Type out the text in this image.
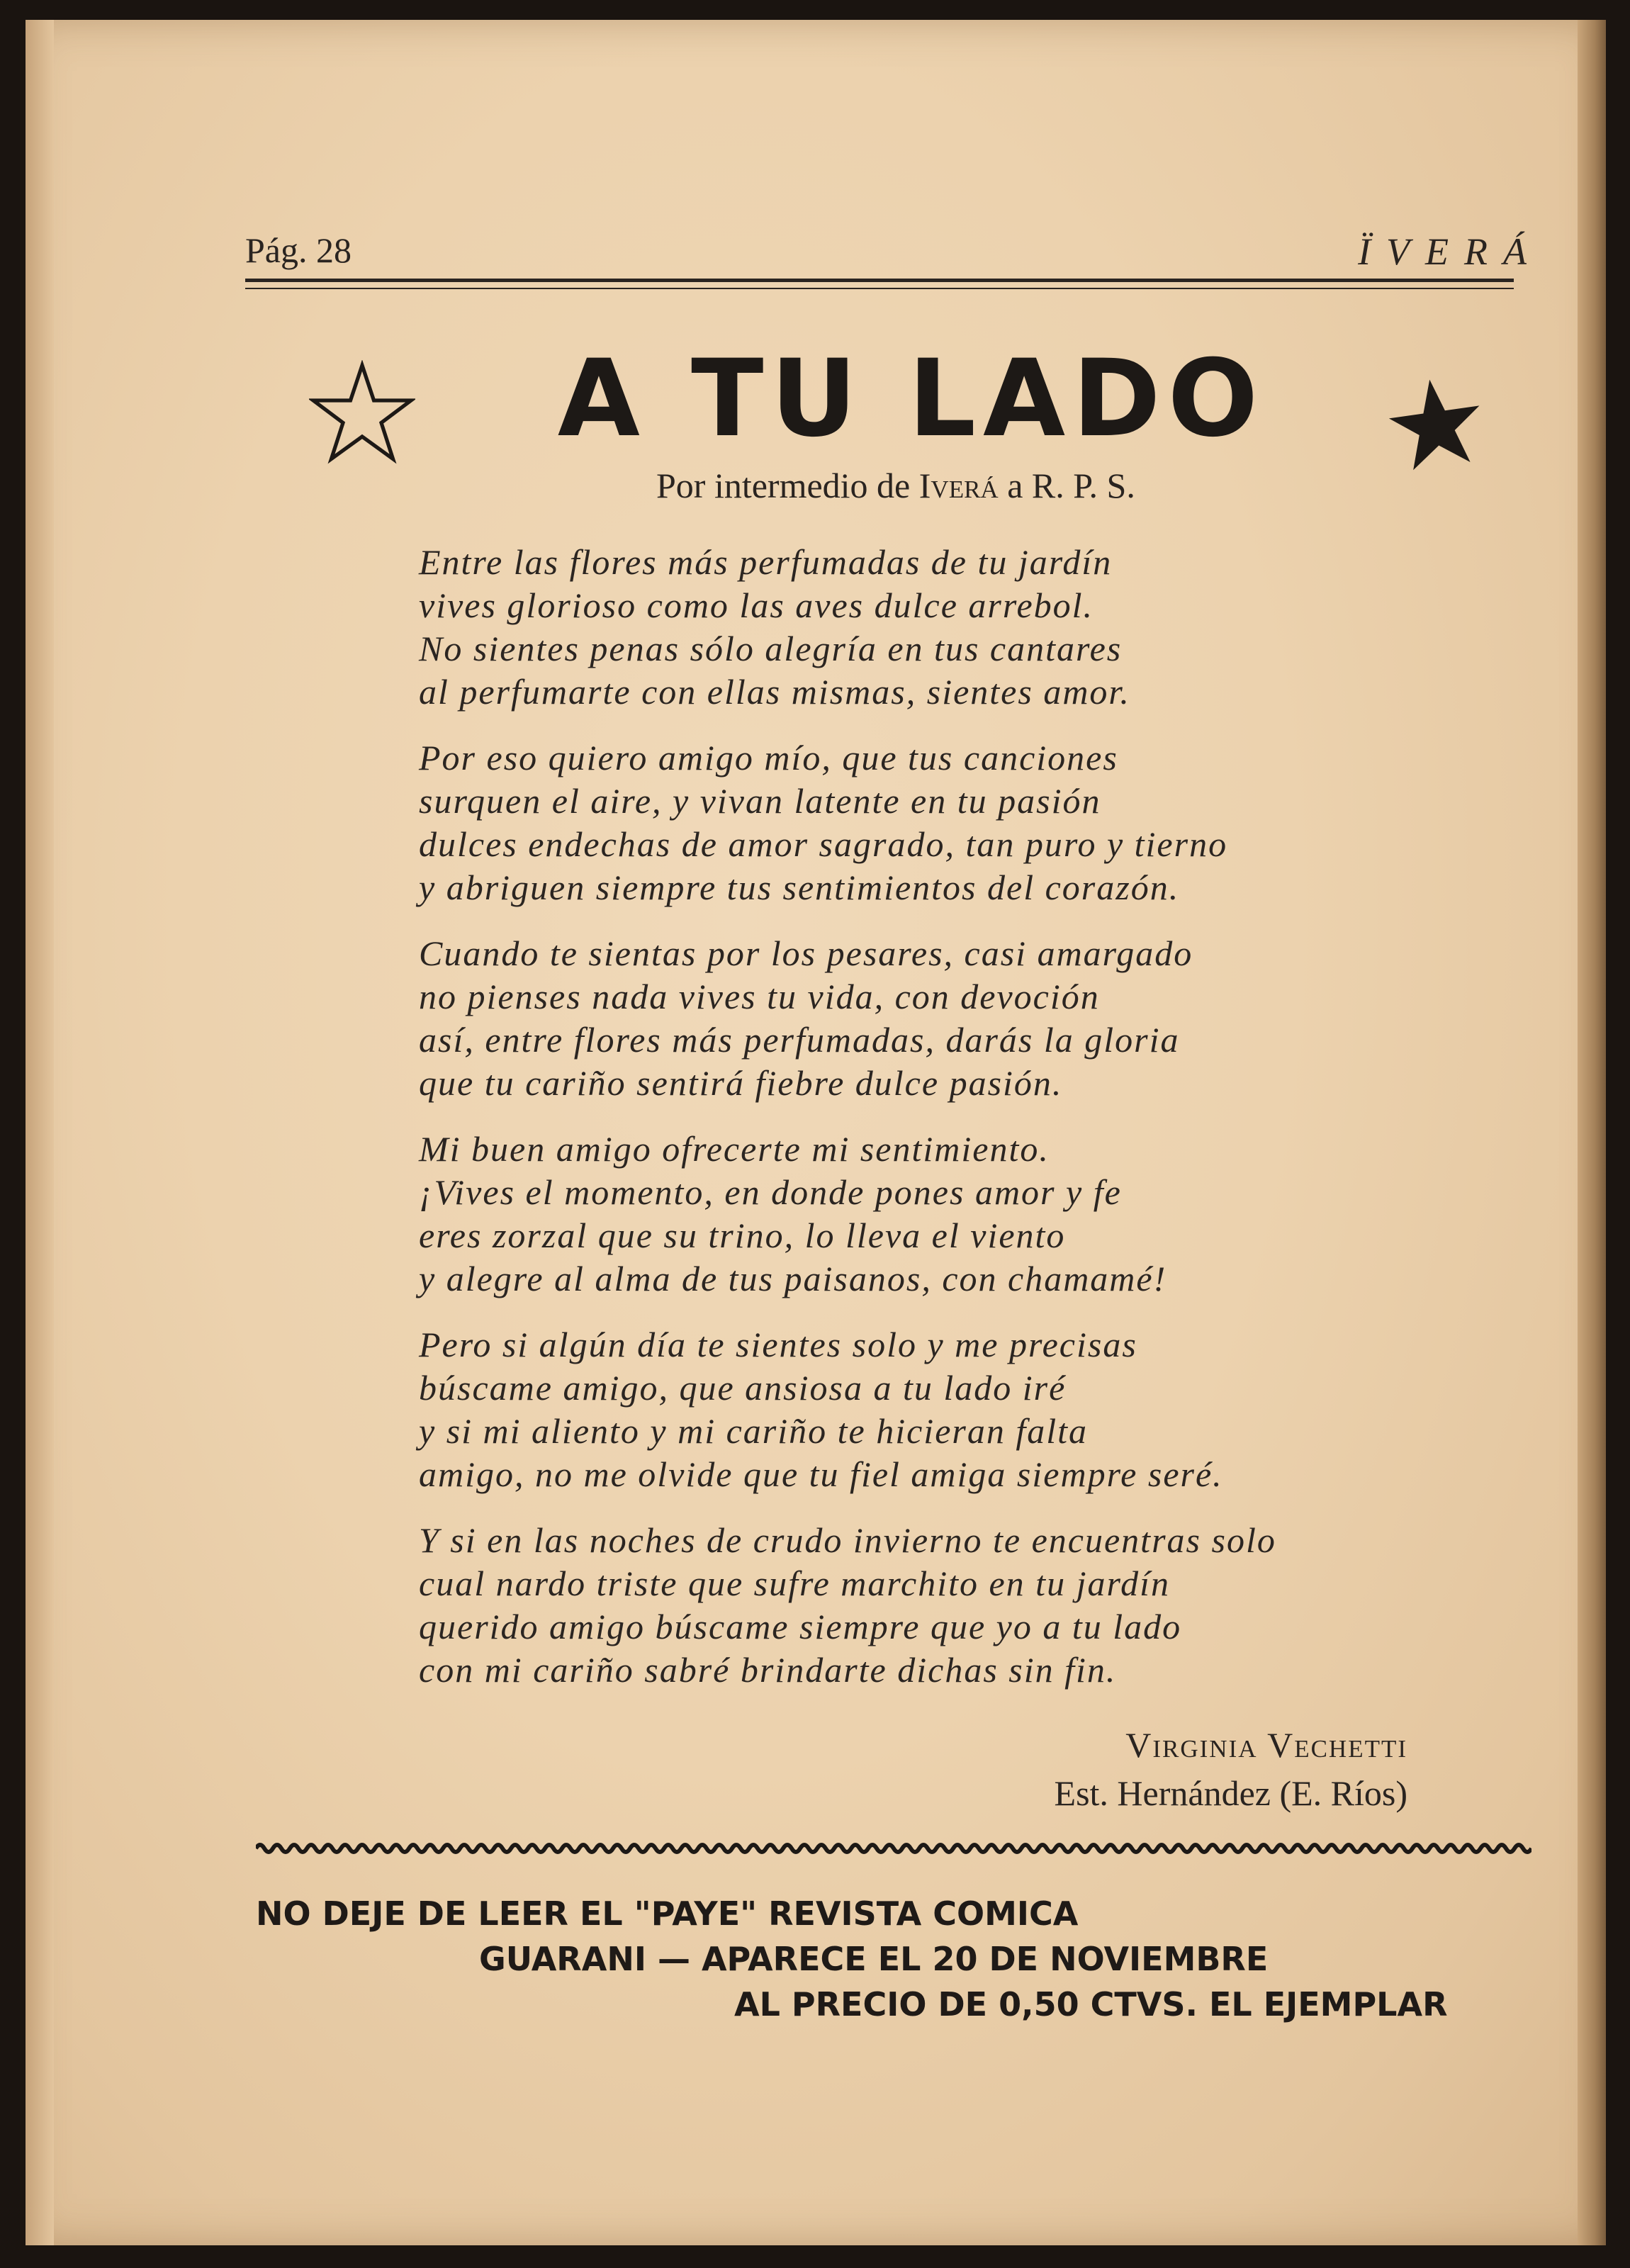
Pág. 28	ÏVERÁ
A TU LADO
Por intermedio de Iverá a R. P. S.
Entre las flores más perfumadas de tu jardín
vives glorioso como las aves dulce arrebol.
No sientes penas sólo alegría en tus cantares
al perfumarte con ellas mismas, sientes amor.
Por eso quiero amigo mío, que tus canciones
surquen el aire, y vivan latente en tu pasión
dulces endechas de amor sagrado, tan puro y tierno
y abriguen siempre tus sentimientos del corazón.
Cuando te sientas por los pesares, casi amargado
no pienses nada vives tu vida, con devoción
así, entre flores más perfumadas, darás la gloria
que tu cariño sentirá fiebre dulce pasión.
Mi buen amigo ofrecerte mi sentimiento.
¡Vives el momento, en donde pones amor y fe
eres zorzal que su trino, lo lleva el viento
y alegre al alma de tus paisanos, con chamamé!
Pero si algún día te sientes solo y me precisas
búscame amigo, que ansiosa a tu lado iré
y si mi aliento y mi cariño te hicieran falta
amigo, no me olvide que tu fiel amiga siempre seré.
Y si en las noches de crudo invierno te encuentras solo
cual nardo triste que sufre marchito en tu jardín
querido amigo búscame siempre que yo a tu lado
con mi cariño sabré brindarte dichas sin fin.
Virginia Vechetti
Est. Hernández (E. Ríos)
NO DEJE DE LEER EL "PAYE" REVISTA COMICA
GUARANI — APARECE EL 20 DE NOVIEMBRE
AL PRECIO DE 0,50 CTVS. EL EJEMPLAR
